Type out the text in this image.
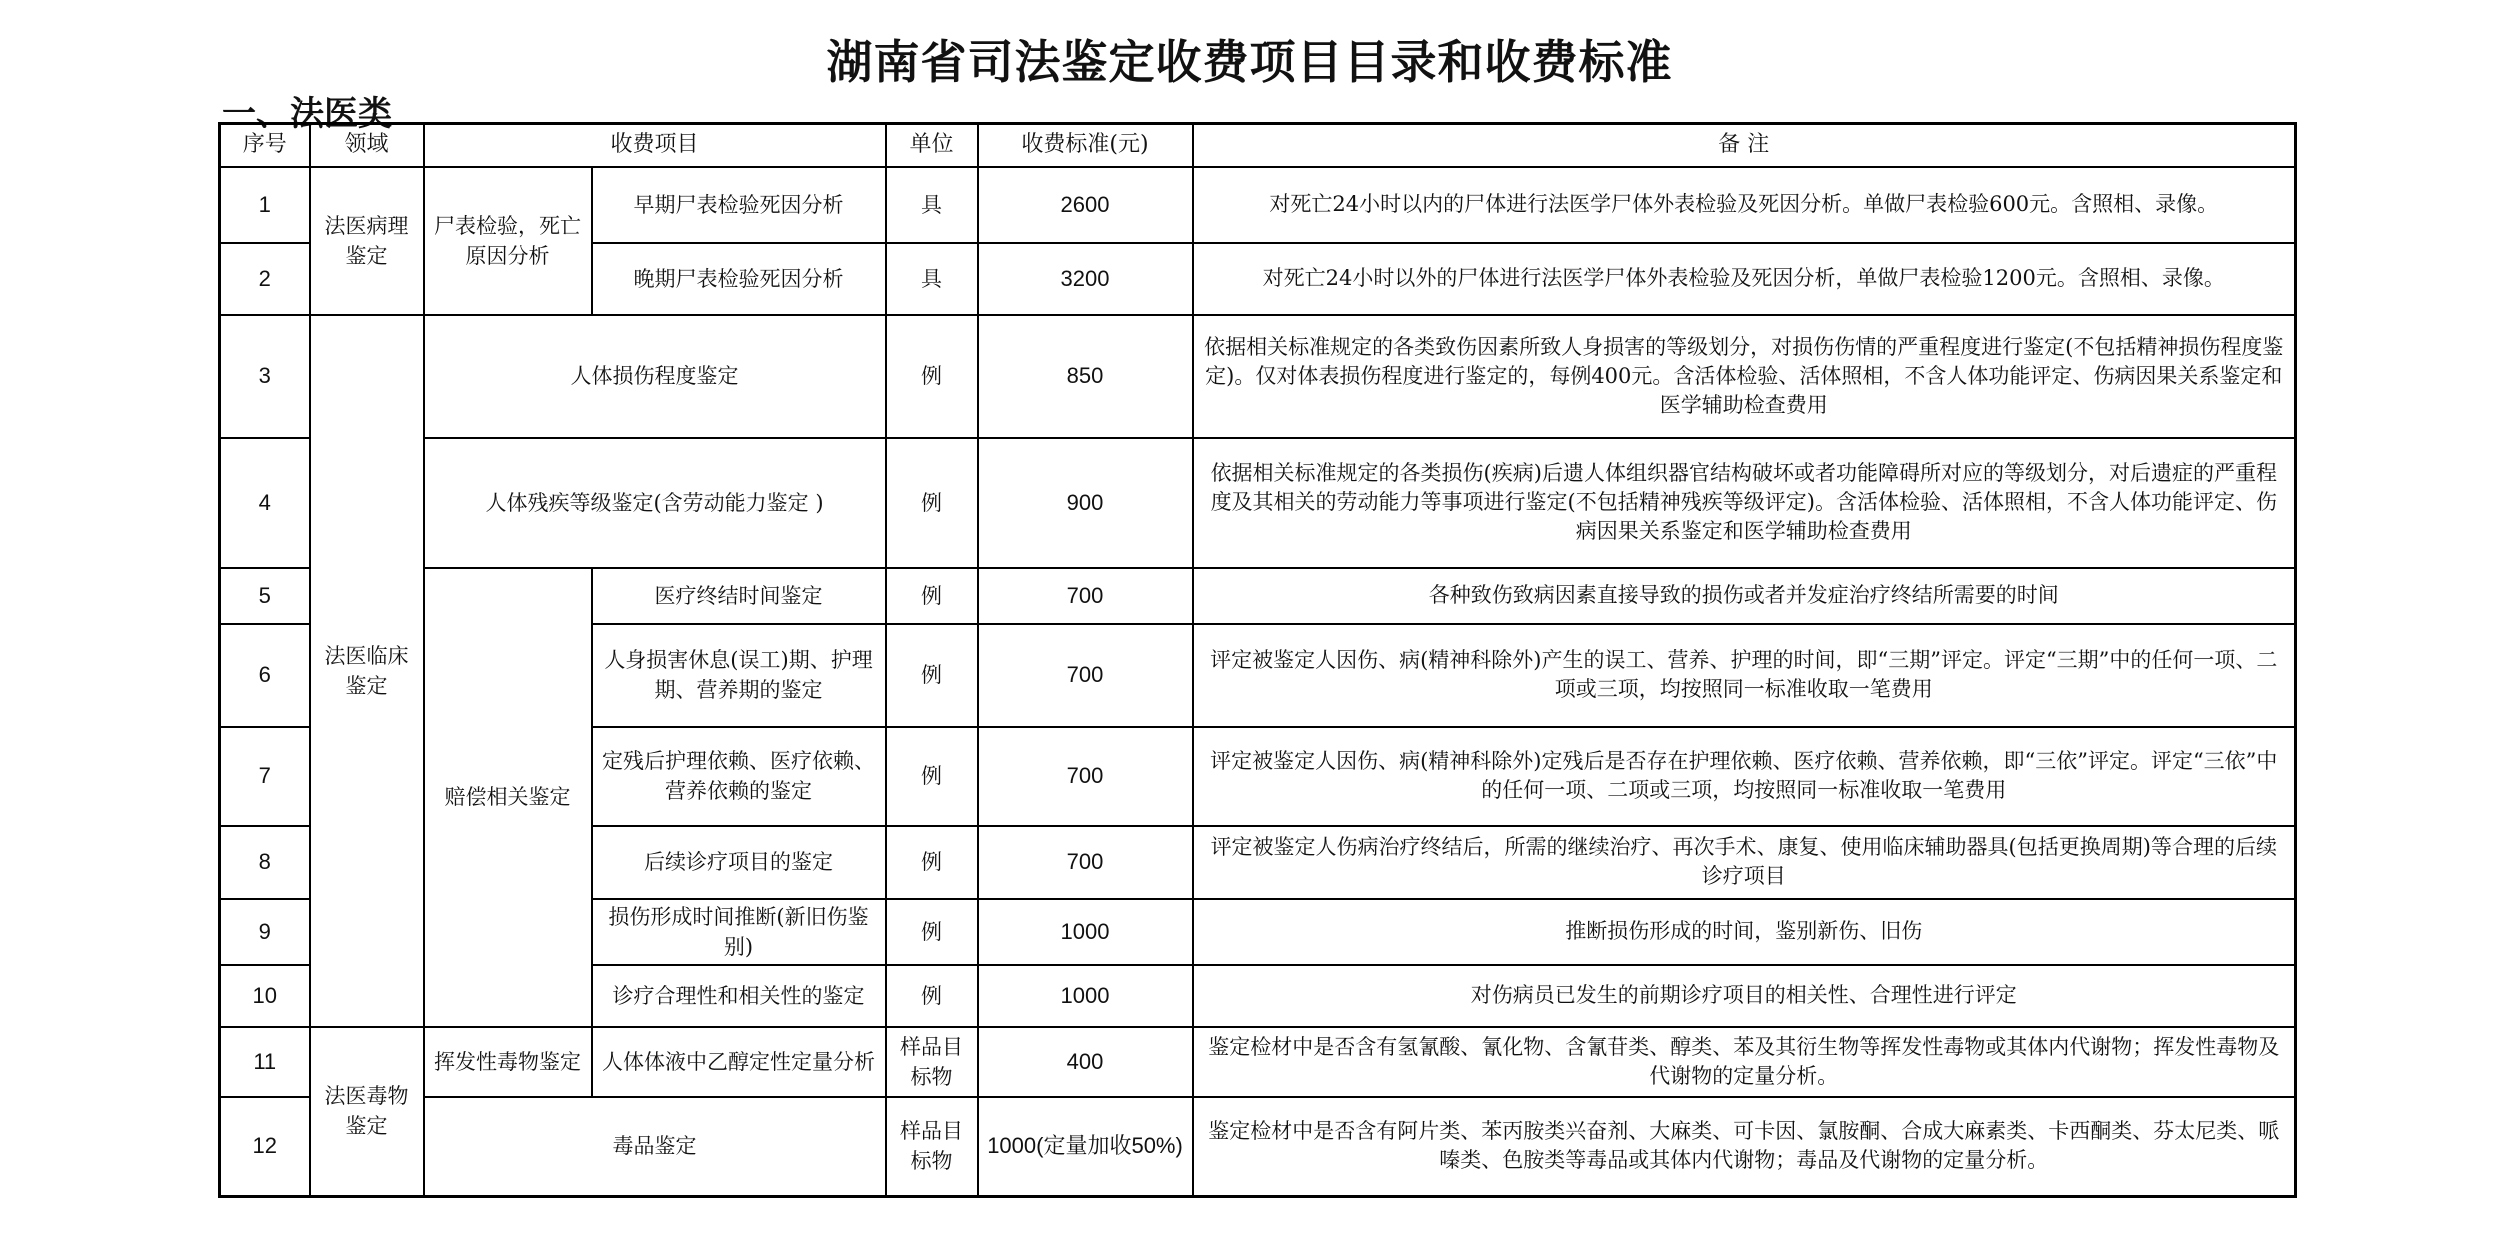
湖南省司法鉴定收费项目目录和收费标准
一、法医类
序号	领域	收费项目		单位	收费标准(元)	备 注
1	法医病理鉴定	尸表检验，死亡原因分析	早期尸表检验死因分析	具	2600	对死亡24小时以内的尸体进行法医学尸体外表检验及死因分析。单做尸表检验600元。含照相、录像。
2			晚期尸表检验死因分析	具	3200	对死亡24小时以外的尸体进行法医学尸体外表检验及死因分析，单做尸表检验1200元。含照相、录像。
3	法医临床鉴定	人体损伤程度鉴定		例	850	依据相关标准规定的各类致伤因素所致人身损害的等级划分，对损伤伤情的严重程度进行鉴定(不包括精神损伤程度鉴定)。仅对体表损伤程度进行鉴定的，每例400元。含活体检验、活体照相，不含人体功能评定、伤病因果关系鉴定和医学辅助检查费用
4		人体残疾等级鉴定(含劳动能力鉴定 )		例	900	依据相关标准规定的各类损伤(疾病)后遗人体组织器官结构破坏或者功能障碍所对应的等级划分，对后遗症的严重程度及其相关的劳动能力等事项进行鉴定(不包括精神残疾等级评定)。含活体检验、活体照相，不含人体功能评定、伤病因果关系鉴定和医学辅助检查费用
5		赔偿相关鉴定	医疗终结时间鉴定	例	700	各种致伤致病因素直接导致的损伤或者并发症治疗终结所需要的时间
6			人身损害休息(误工)期、护理期、营养期的鉴定	例	700	评定被鉴定人因伤、病(精神科除外)产生的误工、营养、护理的时间，即“三期”评定。评定“三期”中的任何一项、二项或三项，均按照同一标准收取一笔费用
7			定残后护理依赖、医疗依赖、营养依赖的鉴定	例	700	评定被鉴定人因伤、病(精神科除外)定残后是否存在护理依赖、医疗依赖、营养依赖，即“三依”评定。评定“三依”中的任何一项、二项或三项，均按照同一标准收取一笔费用
8			后续诊疗项目的鉴定	例	700	评定被鉴定人伤病治疗终结后，所需的继续治疗、再次手术、康复、使用临床辅助器具(包括更换周期)等合理的后续诊疗项目
9			损伤形成时间推断(新旧伤鉴别)	例	1000	推断损伤形成的时间，鉴别新伤、旧伤
10			诊疗合理性和相关性的鉴定	例	1000	对伤病员已发生的前期诊疗项目的相关性、合理性进行评定
11	法医毒物鉴定	挥发性毒物鉴定	人体体液中乙醇定性定量分析	样品目标物	400	鉴定检材中是否含有氢氰酸、氰化物、含氰苷类、醇类、苯及其衍生物等挥发性毒物或其体内代谢物；挥发性毒物及代谢物的定量分析。
12		毒品鉴定		样品目标物	1000(定量加收50%)	鉴定检材中是否含有阿片类、苯丙胺类兴奋剂、大麻类、可卡因、氯胺酮、合成大麻素类、卡西酮类、芬太尼类、哌嗪类、色胺类等毒品或其体内代谢物；毒品及代谢物的定量分析。
